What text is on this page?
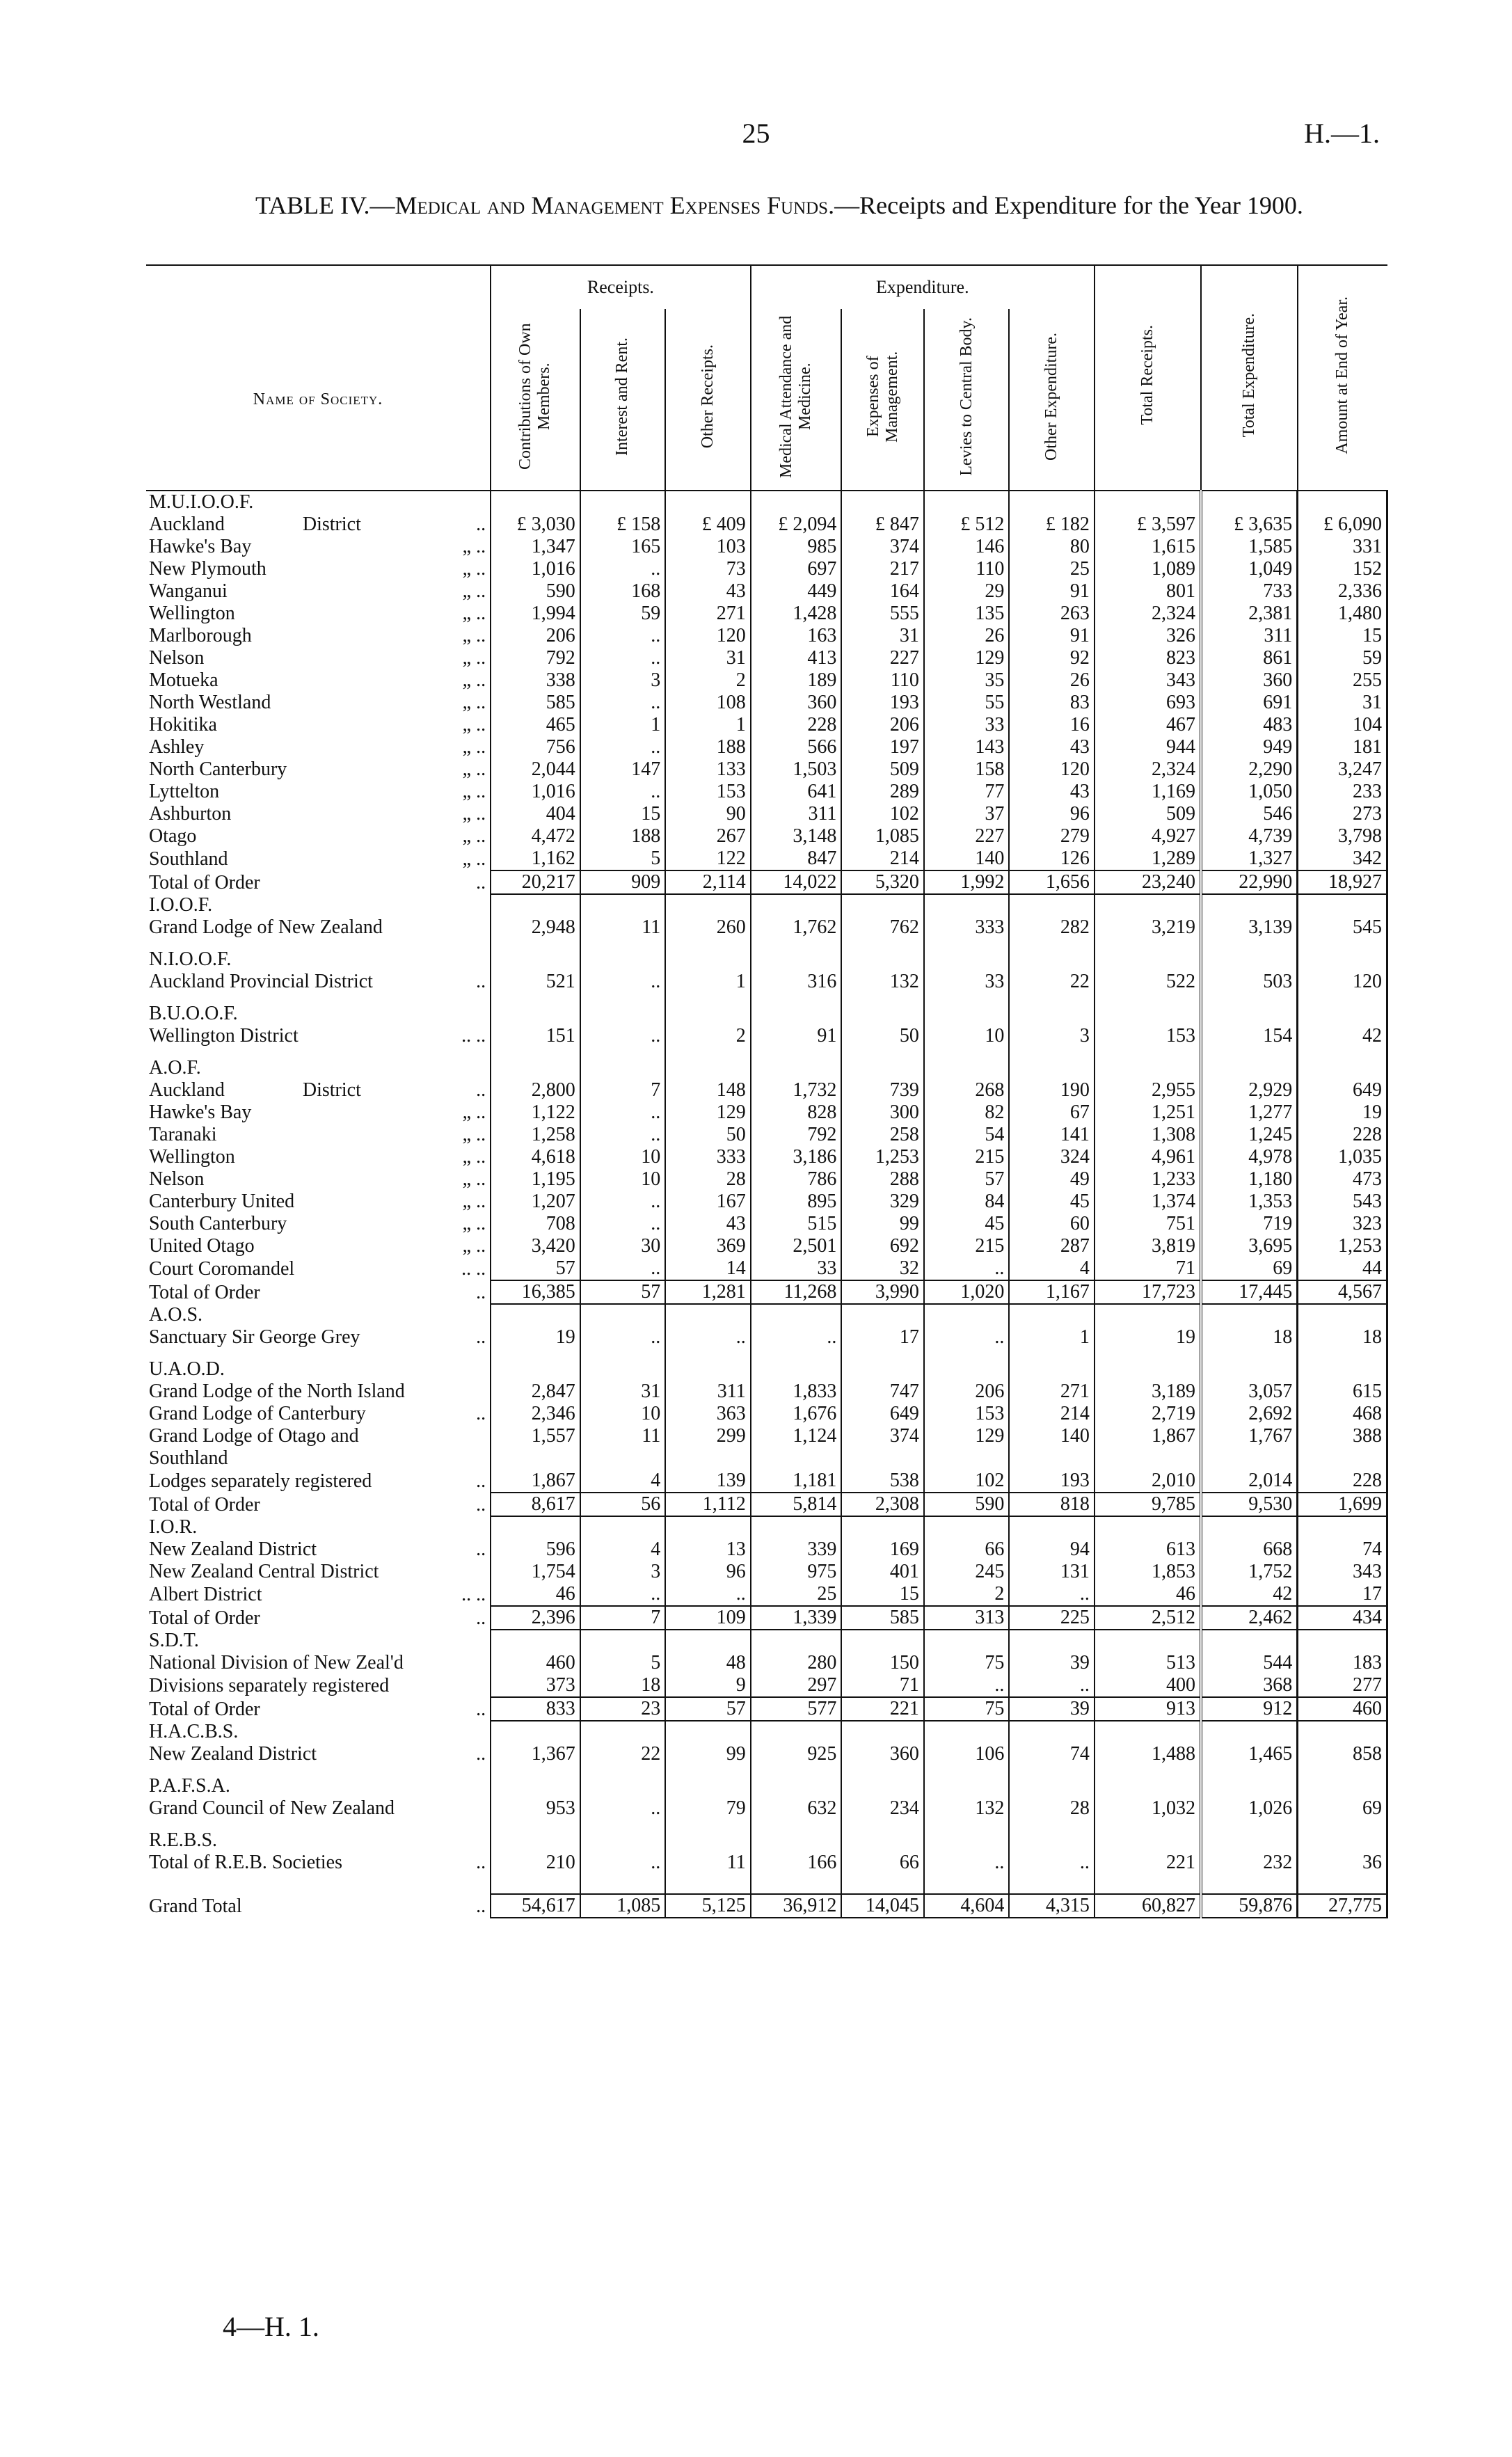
25	H.—1.
TABLE IV.—Medical and Management Expenses Funds.—Receipts and Expenditure for the Year 1900.
	Receipts.			Expenditure.				Total Receipts.	Total Expenditure.	Amount at End of Year.
Name of Society.	Contributions of Own Members.	Interest and Rent.	Other Receipts.	Medical Attendance and Medicine.	Expenses of Management.	Levies to Central Body.	Other Expenditure.			
M.U.I.O.O.F.										

Auckland                District ..	£ 3,030	£ 158	£ 409	£ 2,094	£ 847	£ 512	£ 182	£ 3,597	£ 3,635	£ 6,090

Hawke's Bay „ ..	1,347	165	103	985	374	146	80	1,615	1,585	331

New Plymouth „ ..	1,016	..	73	697	217	110	25	1,089	1,049	152

Wanganui „ ..	590	168	43	449	164	29	91	801	733	2,336

Wellington „ ..	1,994	59	271	1,428	555	135	263	2,324	2,381	1,480

Marlborough „ ..	206	..	120	163	31	26	91	326	311	15

Nelson „ ..	792	..	31	413	227	129	92	823	861	59

Motueka „ ..	338	3	2	189	110	35	26	343	360	255

North Westland „ ..	585	..	108	360	193	55	83	693	691	31

Hokitika „ ..	465	1	1	228	206	33	16	467	483	104

Ashley „ ..	756	..	188	566	197	143	43	944	949	181

North Canterbury „ ..	2,044	147	133	1,503	509	158	120	2,324	2,290	3,247

Lyttelton „ ..	1,016	..	153	641	289	77	43	1,169	1,050	233

Ashburton „ ..	404	15	90	311	102	37	96	509	546	273

Otago „ ..	4,472	188	267	3,148	1,085	227	279	4,927	4,739	3,798

Southland „ ..	1,162	5	122	847	214	140	126	1,289	1,327	342

Total of Order ..	20,217	909	2,114	14,022	5,320	1,992	1,656	23,240	22,990	18,927
I.O.O.F.										

Grand Lodge of New Zealand	2,948	11	260	1,762	762	333	282	3,219	3,139	545

N.I.O.O.F.										

Auckland Provincial District ..	521	..	1	316	132	33	22	522	503	120

B.U.O.O.F.										

Wellington District .. ..	151	..	2	91	50	10	3	153	154	42

A.O.F.										

Auckland                District ..	2,800	7	148	1,732	739	268	190	2,955	2,929	649

Hawke's Bay „ ..	1,122	..	129	828	300	82	67	1,251	1,277	19

Taranaki „ ..	1,258	..	50	792	258	54	141	1,308	1,245	228

Wellington „ ..	4,618	10	333	3,186	1,253	215	324	4,961	4,978	1,035

Nelson „ ..	1,195	10	28	786	288	57	49	1,233	1,180	473

Canterbury United „ ..	1,207	..	167	895	329	84	45	1,374	1,353	543

South Canterbury „ ..	708	..	43	515	99	45	60	751	719	323

United Otago „ ..	3,420	30	369	2,501	692	215	287	3,819	3,695	1,253

Court Coromandel .. ..	57	..	14	33	32	..	4	71	69	44

Total of Order ..	16,385	57	1,281	11,268	3,990	1,020	1,167	17,723	17,445	4,567
A.O.S.										

Sanctuary Sir George Grey ..	19	..	..	..	17	..	1	19	18	18

U.A.O.D.										

Grand Lodge of the North Island	2,847	31	311	1,833	747	206	271	3,189	3,057	615

Grand Lodge of Canterbury ..	2,346	10	363	1,676	649	153	214	2,719	2,692	468

Grand Lodge of Otago and	1,557	11	299	1,124	374	129	140	1,867	1,767	388

Southland										

Lodges separately registered ..	1,867	4	139	1,181	538	102	193	2,010	2,014	228

Total of Order ..	8,617	56	1,112	5,814	2,308	590	818	9,785	9,530	1,699
I.O.R.										

New Zealand District ..	596	4	13	339	169	66	94	613	668	74

New Zealand Central District	1,754	3	96	975	401	245	131	1,853	1,752	343

Albert District .. ..	46	..	..	25	15	2	..	46	42	17

Total of Order ..	2,396	7	109	1,339	585	313	225	2,512	2,462	434
S.D.T.										

National Division of New Zeal'd	460	5	48	280	150	75	39	513	544	183

Divisions separately registered	373	18	9	297	71	..	..	400	368	277

Total of Order ..	833	23	57	577	221	75	39	913	912	460
H.A.C.B.S.										

New Zealand District ..	1,367	22	99	925	360	106	74	1,488	1,465	858

P.A.F.S.A.										

Grand Council of New Zealand	953	..	79	632	234	132	28	1,032	1,026	69

R.E.B.S.										

Total of R.E.B. Societies ..	210	..	11	166	66	..	..	221	232	36

Grand Total ..	54,617	1,085	5,125	36,912	14,045	4,604	4,315	60,827	59,876	27,775
4—H. 1.
